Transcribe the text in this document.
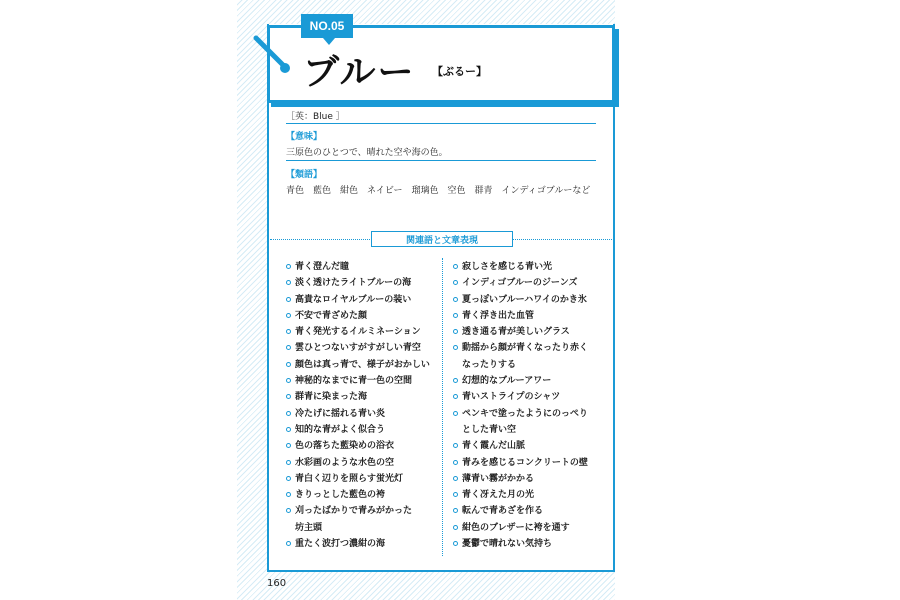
NO.05
ブルー 【ぶるー】
［英：Blue ］
【意味】
三原色のひとつで、晴れた空や海の色。
【類語】
青色　藍色　紺色　ネイビー　瑠璃色　空色　群青　インディゴブルーなど
関連語と文章表現
青く澄んだ瞳
淡く透けたライトブルーの海
高貴なロイヤルブルーの装い
不安で青ざめた顔
青く発光するイルミネーション
雲ひとつないすがすがしい青空
顔色は真っ青で、様子がおかしい
神秘的なまでに青一色の空間
群青に染まった海
冷たげに揺れる青い炎
知的な青がよく似合う
色の落ちた藍染めの浴衣
水彩画のような水色の空
青白く辺りを照らす蛍光灯
きりっとした藍色の袴
刈ったばかりで青みがかった
坊主頭
重たく波打つ濃紺の海
寂しさを感じる青い光
インディゴブルーのジーンズ
夏っぽいブルーハワイのかき氷
青く浮き出た血管
透き通る青が美しいグラス
動揺から顔が青くなったり赤く
なったりする
幻想的なブルーアワー
青いストライプのシャツ
ペンキで塗ったようにのっぺり
とした青い空
青く霞んだ山脈
青みを感じるコンクリートの壁
薄青い霧がかかる
青く冴えた月の光
転んで青あざを作る
紺色のブレザーに袴を通す
憂鬱で晴れない気持ち
160
